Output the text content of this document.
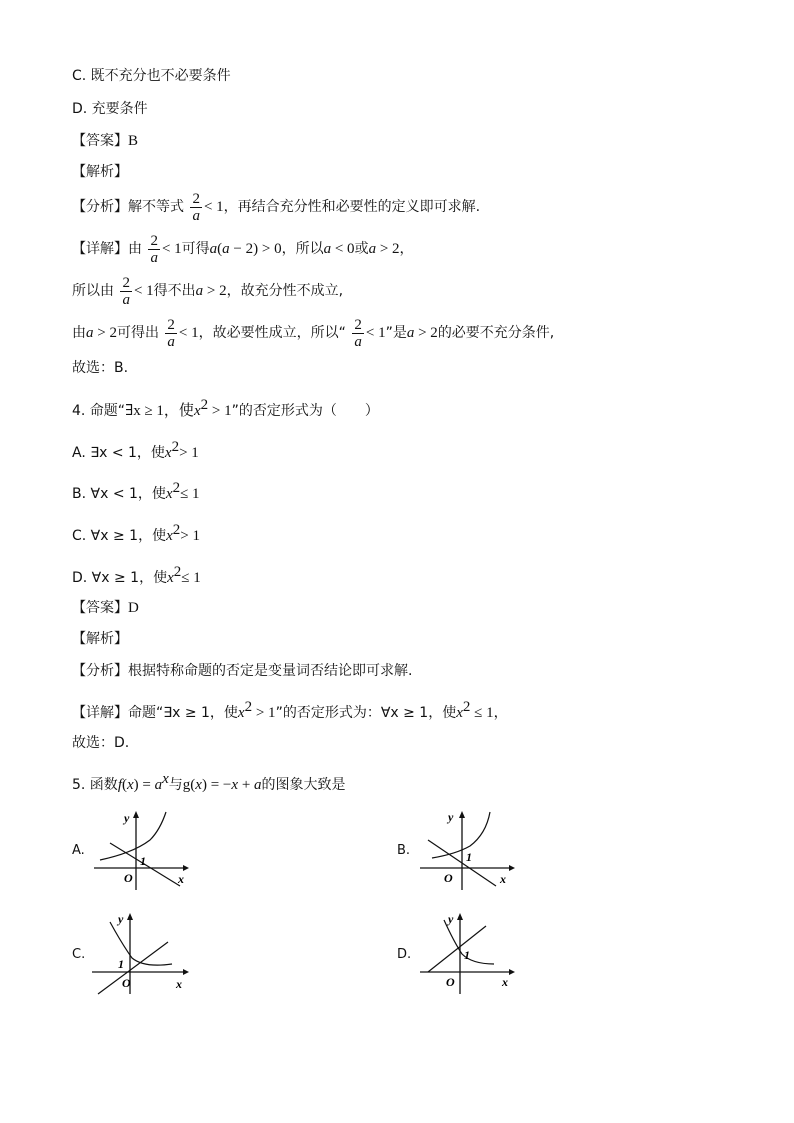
C. 既不充分也不必要条件
D. 充要条件
【答案】B
【解析】
【分析】解不等式 $\frac{2}{a} < 1$，再结合充分性和必要性的定义即可求解.
【详解】由 $\frac{2}{a} < 1$可得a(a − 2) > 0，所以a < 0或a > 2，
所以由 $\frac{2}{a} < 1$得不出a > 2，故充分性不成立,
由a > 2可得出 $\frac{2}{a} < 1$，故必要性成立，所以“ $\frac{2}{a} < 1$”是a > 2的必要不充分条件,
故选：B.
4. 命题“∃x ≥ 1，使$x^2 > 1$”的否定形式为（　　）
A. ∃x < 1，使$x^2> 1$
B. ∀x < 1，使$x^2\le 1$
C. ∀x ≥ 1，使$x^2> 1$
D. ∀x ≥ 1，使$x^2\le 1$
【答案】D
【解析】
【分析】根据特称命题的否定是变量词否结论即可求解.
【详解】命题“∃x ≥ 1，使$x^2 > 1$”的否定形式为：∀x ≥ 1，使$x^2 \le 1$，
故选：D.
5. 函数$f(x) = a^x$与g(x) = −x + a的图象大致是
A.
1
O	x
y
B.	1
O	x
y
C.
1
O	x
y
D.	1
O	x
y
